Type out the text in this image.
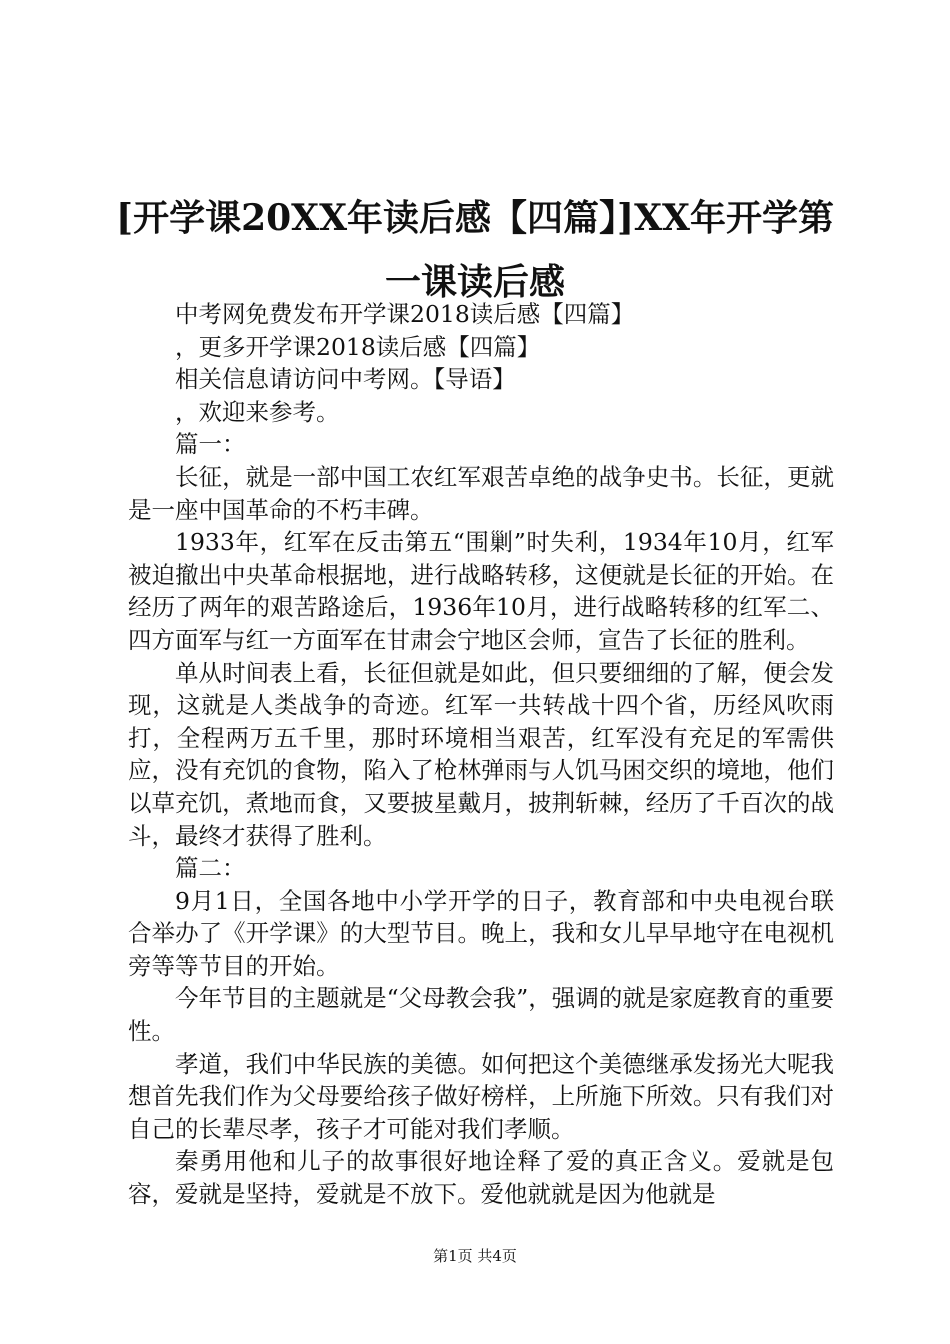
[开学课20XX年读后感【四篇】]XX年开学第
一课读后感

中考网免费发布开学课2018读后感【四篇】

，更多开学课2018读后感【四篇】

相关信息请访问中考网。【导语】

，欢迎来参考。

篇一：

长征，就是一部中国工农红军艰苦卓绝的战争史书。长征，更就是一座中国革命的不朽丰碑。

1933年，红军在反击第五“围剿”时失利，1934年10月，红军被迫撤出中央革命根据地，进行战略转移，这便就是长征的开始。在经历了两年的艰苦路途后，1936年10月，进行战略转移的红军二、四方面军与红一方面军在甘肃会宁地区会师，宣告了长征的胜利。

单从时间表上看，长征但就是如此，但只要细细的了解，便会发现，这就是人类战争的奇迹。红军一共转战十四个省，历经风吹雨打，全程两万五千里，那时环境相当艰苦，红军没有充足的军需供应，没有充饥的食物，陷入了枪林弹雨与人饥马困交织的境地，他们以草充饥，煮地而食，又要披星戴月，披荆斩棘，经历了千百次的战斗，最终才获得了胜利。

篇二：

9月1日，全国各地中小学开学的日子，教育部和中央电视台联合举办了《开学课》的大型节目。晚上，我和女儿早早地守在电视机旁等等节目的开始。

今年节目的主题就是“父母教会我”，强调的就是家庭教育的重要性。

孝道，我们中华民族的美德。如何把这个美德继承发扬光大呢我想首先我们作为父母要给孩子做好榜样，上所施下所效。只有我们对自己的长辈尽孝，孩子才可能对我们孝顺。

秦勇用他和儿子的故事很好地诠释了爱的真正含义。爱就是包容，爱就是坚持，爱就是不放下。爱他就就是因为他就是

第1页 共4页
